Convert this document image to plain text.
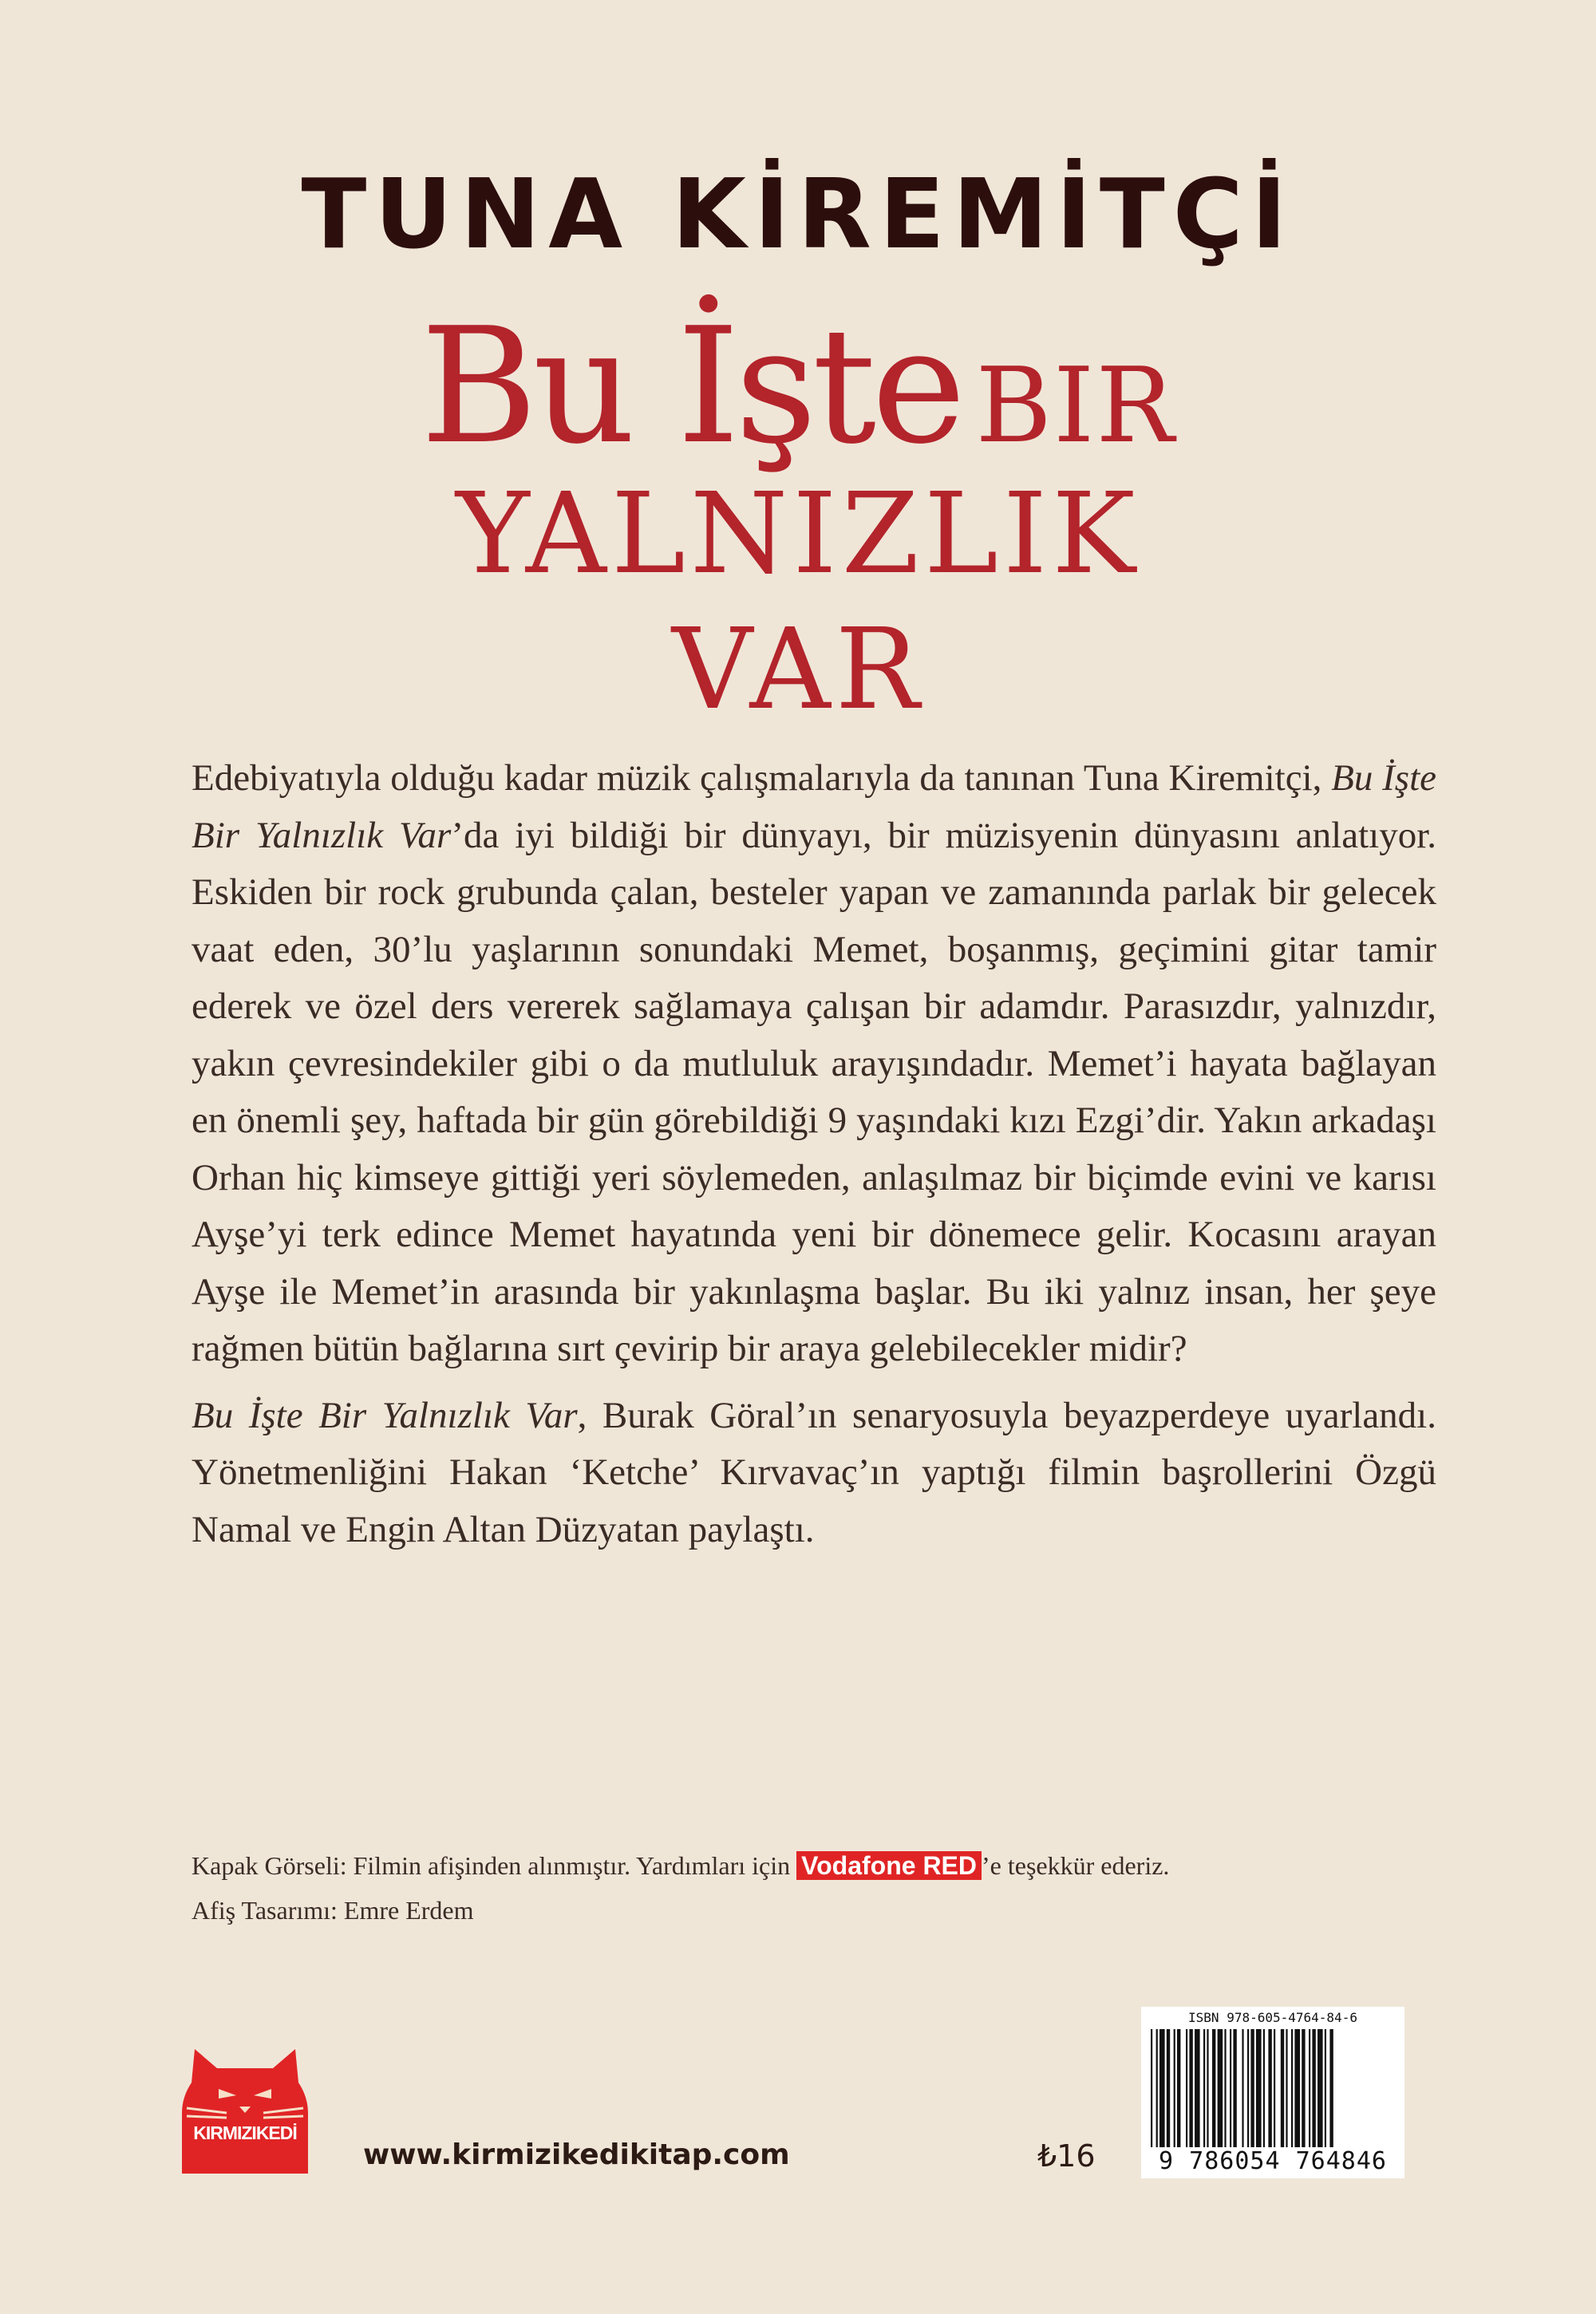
TUNA KİREMİTÇİ
Bu İşte BIR
YALNIZLIK
VAR

Edebiyatıyla olduğu kadar müzik çalışmalarıyla da tanınan Tuna Kiremitçi, Bu İşte Bir Yalnızlık Var’da iyi bildiği bir dünyayı, bir müzisyenin dünyasını anlatıyor. Eskiden bir rock grubunda çalan, besteler yapan ve zamanında parlak bir gelecek vaat eden, 30’lu yaşlarının sonundaki Memet, boşanmış, geçimini gitar tamir ederek ve özel ders vererek sağlamaya çalışan bir adamdır. Parasızdır, yalnızdır, yakın çevresindekiler gibi o da mutluluk arayışındadır. Memet’i hayata bağlayan en önemli şey, haftada bir gün görebildiği 9 yaşındaki kızı Ezgi’dir. Yakın arkadaşı Orhan hiç kimseye gittiği yeri söylemeden, anlaşılmaz bir biçimde evini ve karısı Ayşe’yi terk edince Memet hayatında yeni bir dönemece gelir. Kocasını arayan Ayşe ile Memet’in arasında bir yakınlaşma başlar. Bu iki yalnız insan, her şeye rağmen bütün bağlarına sırt çevirip bir araya gelebilecekler midir?

Bu İşte Bir Yalnızlık Var, Burak Göral’ın senaryosuyla beyazperdeye uyarlandı. Yönetmenliğini Hakan ‘Ketche’ Kırvavaç’ın yaptığı filmin başrollerini Özgü Namal ve Engin Altan Düzyatan paylaştı.

Kapak Görseli: Filmin afişinden alınmıştır. Yardımları için Vodafone RED ’e teşekkür ederiz.
Afiş Tasarımı: Emre Erdem
KIRMIZIKEDİ
www.kirmizikedikitap.com	₺16
ISBN 978-605-4764-84-6
9 786054 764846
